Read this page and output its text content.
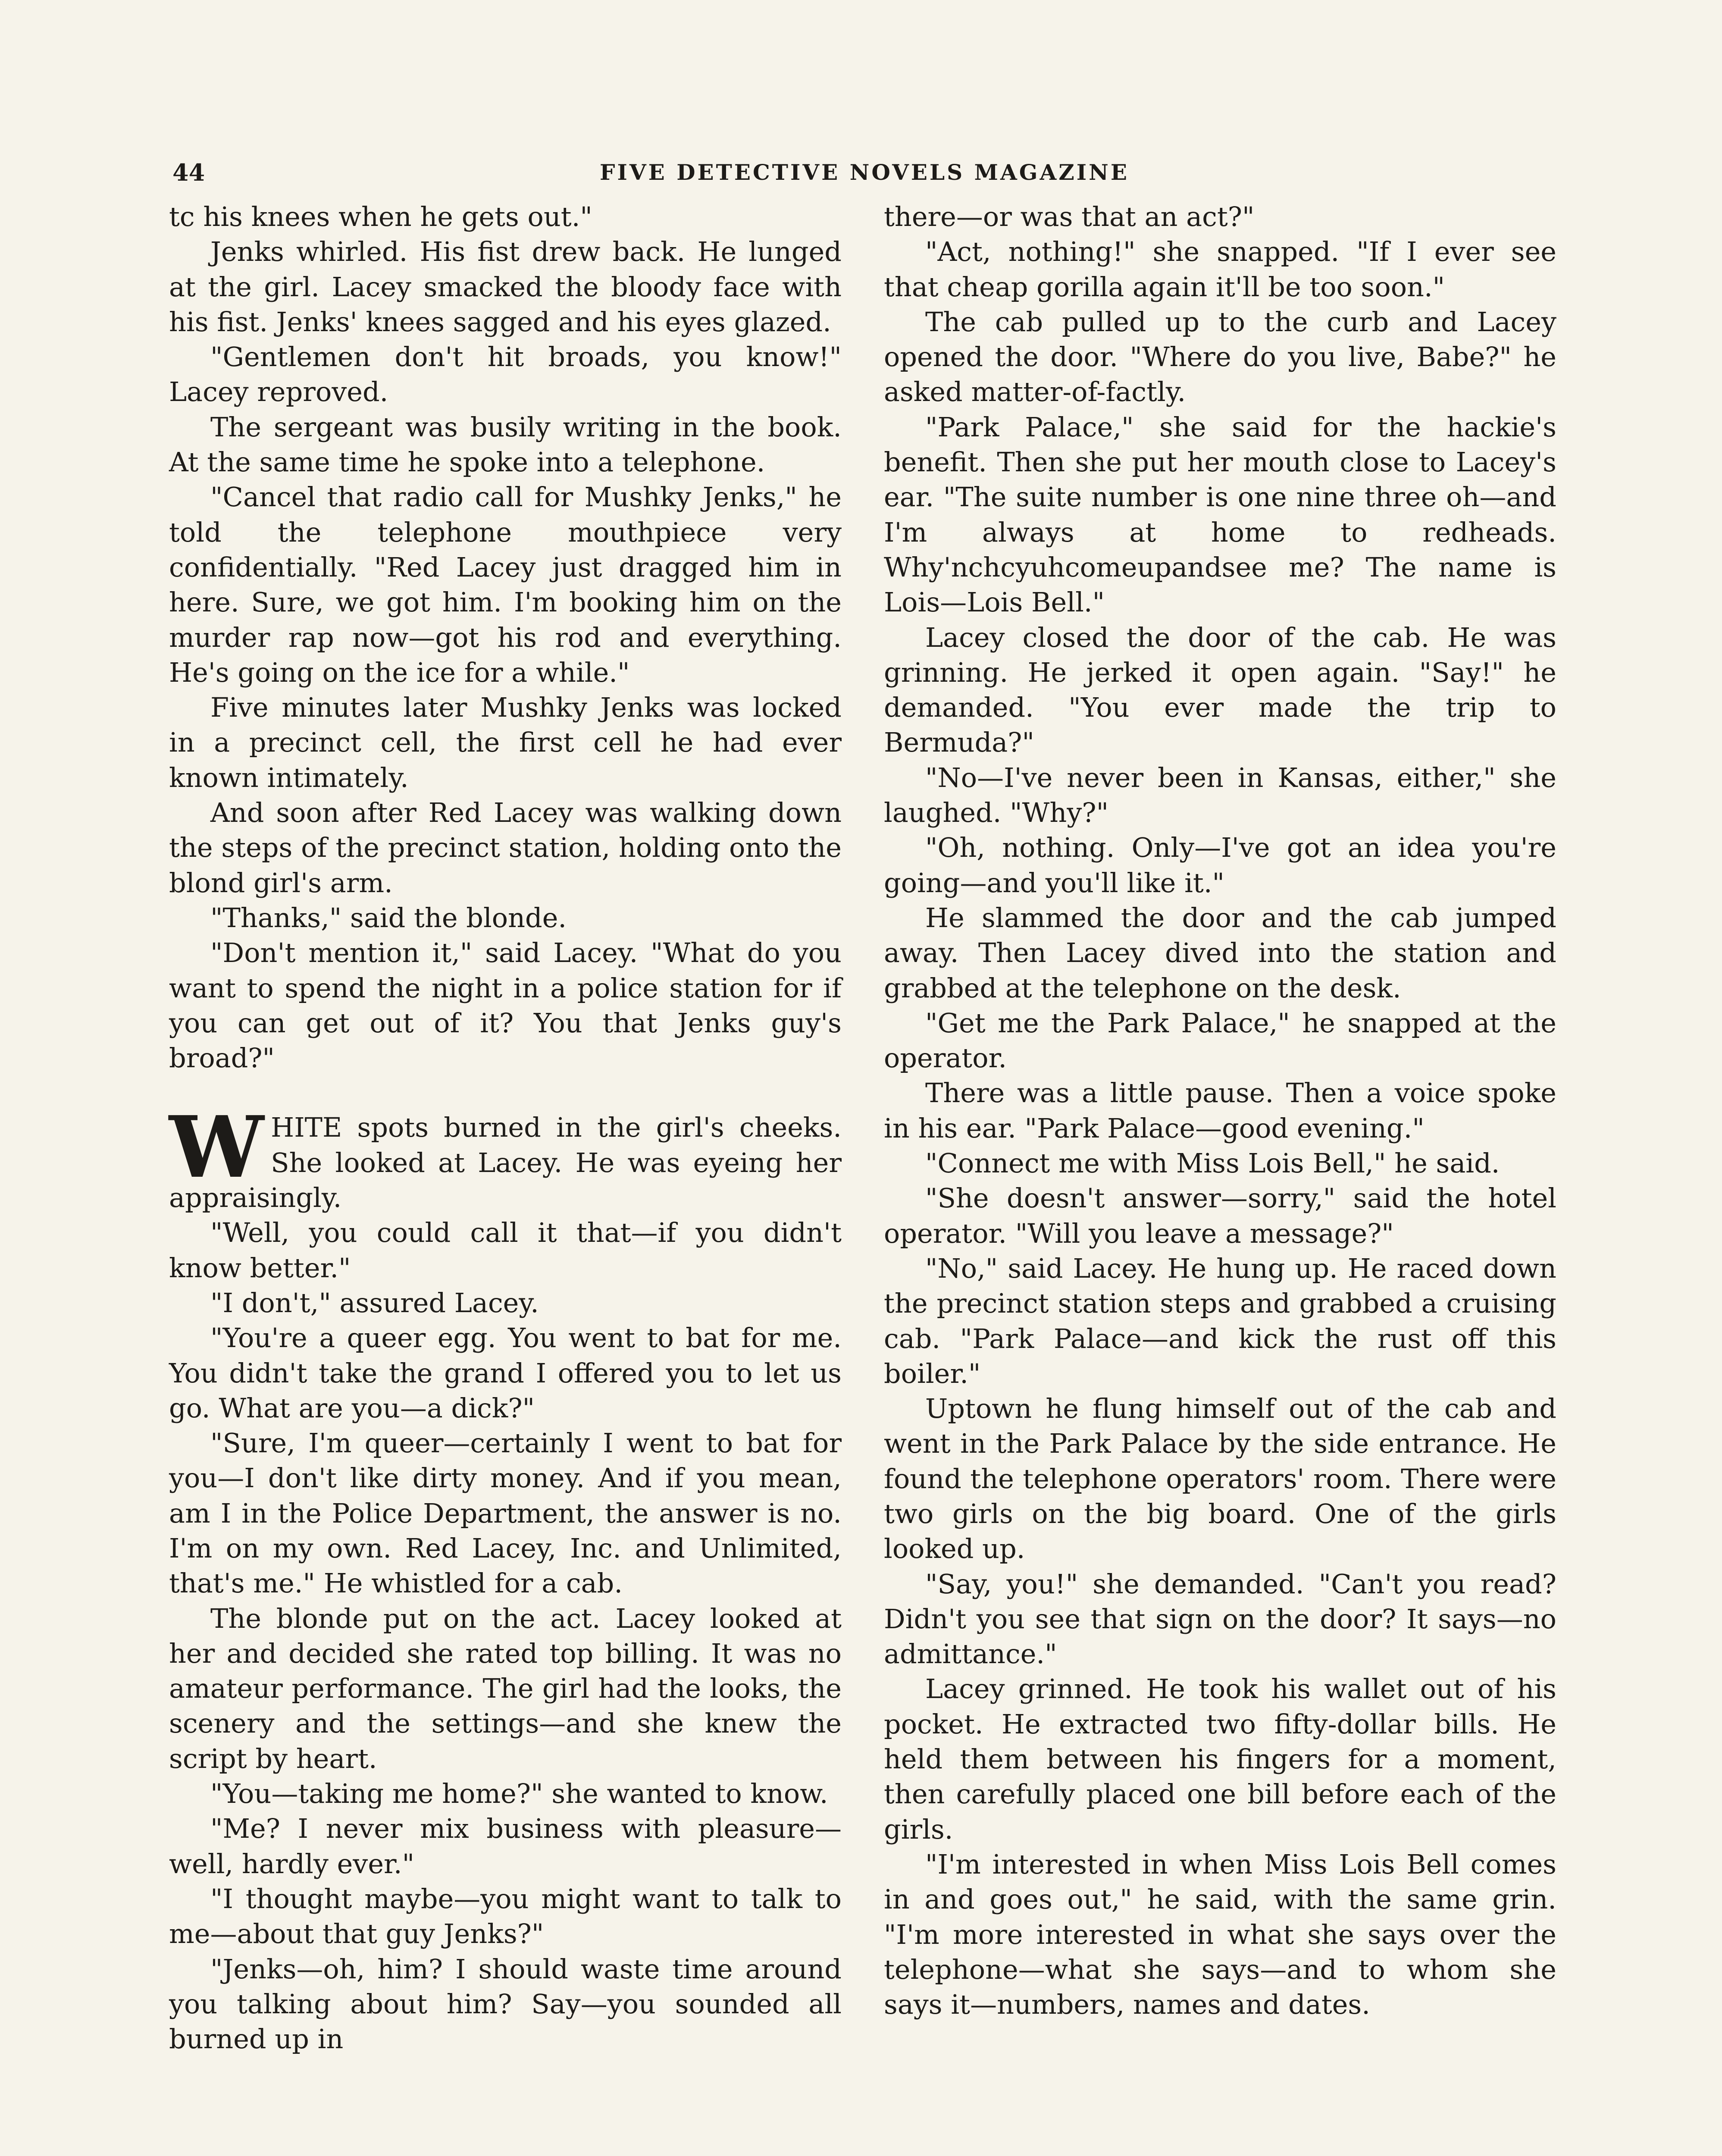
44	FIVE DETECTIVE NOVELS MAGAZINE

tc his knees when he gets out."

Jenks whirled. His fist drew back. He lunged at the girl. Lacey smacked the bloody face with his fist. Jenks' knees sagged and his eyes glazed.

"Gentlemen don't hit broads, you know!" Lacey reproved.

The sergeant was busily writing in the book. At the same time he spoke into a telephone.

"Cancel that radio call for Mushky Jenks," he told the telephone mouthpiece very confidentially. "Red Lacey just dragged him in here. Sure, we got him. I'm booking him on the murder rap now—got his rod and everything. He's going on the ice for a while."

Five minutes later Mushky Jenks was locked in a precinct cell, the first cell he had ever known intimately.

And soon after Red Lacey was walking down the steps of the precinct station, holding onto the blond girl's arm.

"Thanks," said the blonde.

"Don't mention it," said Lacey. "What do you want to spend the night in a police station for if you can get out of it? You that Jenks guy's broad?"

WHITE spots burned in the girl's cheeks. She looked at Lacey. He was eyeing her appraisingly.

"Well, you could call it that—if you didn't know better."

"I don't," assured Lacey.

"You're a queer egg. You went to bat for me. You didn't take the grand I offered you to let us go. What are you—a dick?"

"Sure, I'm queer—certainly I went to bat for you—I don't like dirty money. And if you mean, am I in the Police Department, the answer is no. I'm on my own. Red Lacey, Inc. and Unlimited, that's me." He whistled for a cab.

The blonde put on the act. Lacey looked at her and decided she rated top billing. It was no amateur performance. The girl had the looks, the scenery and the settings—and she knew the script by heart.

"You—taking me home?" she wanted to know.

"Me? I never mix business with pleasure—well, hardly ever."

"I thought maybe—you might want to talk to me—about that guy Jenks?"

"Jenks—oh, him? I should waste time around you talking about him? Say—you sounded all burned up in

there—or was that an act?"

"Act, nothing!" she snapped. "If I ever see that cheap gorilla again it'll be too soon."

The cab pulled up to the curb and Lacey opened the door. "Where do you live, Babe?" he asked matter-of-factly.

"Park Palace," she said for the hackie's benefit. Then she put her mouth close to Lacey's ear. "The suite number is one nine three oh—and I'm always at home to redheads. Why'nchcyuhcomeupandsee me? The name is Lois—Lois Bell."

Lacey closed the door of the cab. He was grinning. He jerked it open again. "Say!" he demanded. "You ever made the trip to Bermuda?"

"No—I've never been in Kansas, either," she laughed. "Why?"

"Oh, nothing. Only—I've got an idea you're going—and you'll like it."

He slammed the door and the cab jumped away. Then Lacey dived into the station and grabbed at the telephone on the desk.

"Get me the Park Palace," he snapped at the operator.

There was a little pause. Then a voice spoke in his ear. "Park Palace—good evening."

"Connect me with Miss Lois Bell," he said.

"She doesn't answer—sorry," said the hotel operator. "Will you leave a message?"

"No," said Lacey. He hung up. He raced down the precinct station steps and grabbed a cruising cab. "Park Palace—and kick the rust off this boiler."

Uptown he flung himself out of the cab and went in the Park Palace by the side entrance. He found the telephone operators' room. There were two girls on the big board. One of the girls looked up.

"Say, you!" she demanded. "Can't you read? Didn't you see that sign on the door? It says—no admittance."

Lacey grinned. He took his wallet out of his pocket. He extracted two fifty-dollar bills. He held them between his fingers for a moment, then carefully placed one bill before each of the girls.

"I'm interested in when Miss Lois Bell comes in and goes out," he said, with the same grin. "I'm more interested in what she says over the telephone—what she says—and to whom she says it—numbers, names and dates.
